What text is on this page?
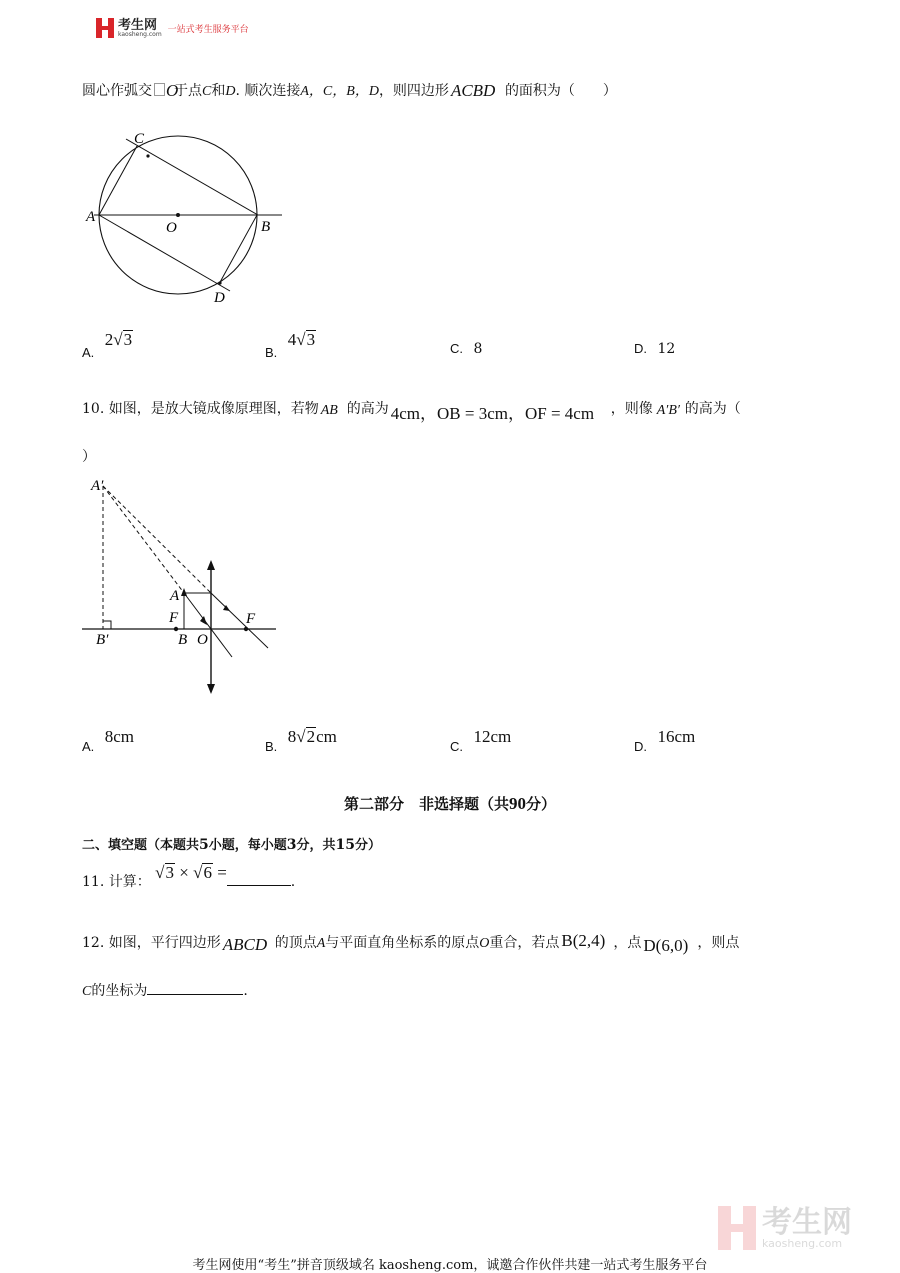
考生网
kaosheng.com 一站式考生服务平台
圆心作弧交 O
于点C和D. 顺次连接A，C，B，D，则四边形 ACBD 的面积为（　　）
C
A
O	B
D
A. 2√3
B. 4√3	C. 8	D. 12
10. 如图，是放大镜成像原理图，若物 AB 的高为 4cm，OB = 3cm，OF = 4cm ，则像 A′B′ 的高为（
）
A′
A
F	F
B′	B O
A. 8cm
B. 8√2cm
C. 12cm
D. 16cm
第二部分　非选择题（共90分）
二、填空题（本题共5小题，每小题3分，共15分）
11. 计算： √3 × √6 =	.
12. 如图，平行四边形 ABCD 的顶点A与平面直角坐标系的原点O重合，若点 B(2,4) ，点 D(6,0) ，则点
C的坐标为	.
考生网
kaosheng.com
考生网使用“考生”拼音顶级域名 kaosheng.com，诚邀合作伙伴共建一站式考生服务平台
